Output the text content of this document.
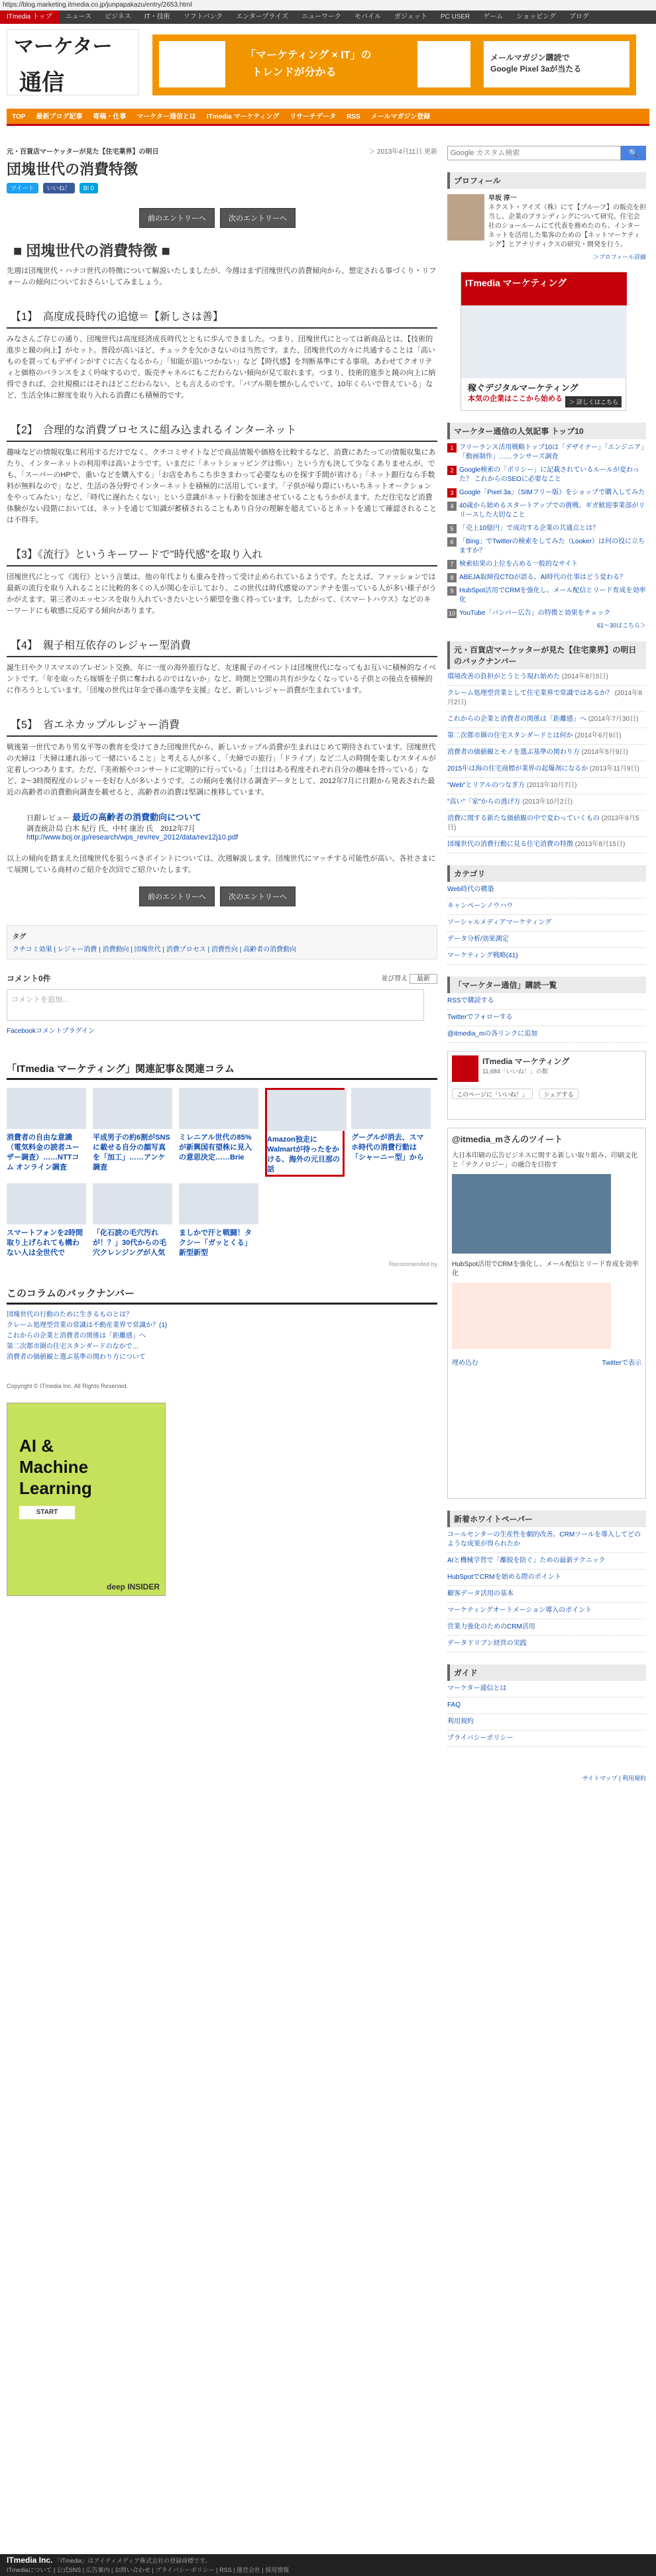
https://blog.marketing.itmedia.co.jp/junpapakazu/entry/2653.html
ITmedia トップ ニュース ビジネス IT・技術 ソフトバンク エンタープライズ ニューワーク モバイル ガジェット PC USER ゲーム ショッピング ブログ
マーケター
通信
「マーケティング × IT」の
トレンドが分かる
メールマガジン購読で
Google Pixel 3aが当たる
TOP 最新ブログ記事 寄稿・仕事 マーケター通信とは ITmedia マーケティング リサーチデータ RSS メールマガジン登録
元・百貨店マーケッターが見た【住宅業界】の明日	＞ 2013年4月11日 更新
団塊世代の消費特徴
ツイート いいね！ B! 0
前のエントリーへ	次のエントリーへ
■ 団塊世代の消費特徴 ■

先週は団塊世代・ハナコ世代の特徴について解説いたしましたが、今週はまず団塊世代の消費傾向から、想定される事づくり・リフォームの傾向についておさらいしてみましょう。

【1】　高度成長時代の追憶＝【新しさは善】

みなさんご存じの通り、団塊世代は高度経済成長時代とともに歩んできました。つまり、団塊世代にとっては新商品とは、【技術的進歩と鏡の向上】がセット。普段が高いほど、チェックを欠かさないのは当然です。また、団塊世代の方々に共通することは「高いものを買ってもデザインがすぐに古くなるから」「知能が追いつかない」など【時代感】を判断基準にする事項。あわせてクオリティと価格のバランスをよく吟味するので、販売チャネルにもこだわらない傾向が見て取れます。つまり、技術的進歩と鏡の向上に納得できれば、会社規模にはそれほどこだわらない、とも言えるのです。「バブル期を懐かしんでいて、10年くらいで替えている」など、生活全体に鮮度を取り入れる消費にも積極的です。

【2】　合理的な消費プロセスに組み込まれるインターネット

趣味などの情報収集に利用するだけでなく、クチコミサイトなどで商品情報や価格を比較するなど、消費にあたっての情報収集にあたり、インターネットの利用率は高いようです。いまだに「ネットショッピングは怖い」という方も決して少なくありませんが、でも、「スーパーのHPで、重いなどを購入する」「お店をあちこち歩きまわって必要なものを探す手間が省ける」「ネット銀行なら手数料が無料なので」など、生活の各分野でインターネットを積極的に活用しています。「子供が帰り際にいちいちネットオークションをやってみたい」など、「時代に遅れたくない」という意識がネット行動を加速させていることもうかがえます。ただ住宅など消費体験がない段階においては、ネットを通じて知識が蓄積されることもあり自分の理解を超えているとネットを通じて確認されることは不得手。

【3】《流行》というキーワードで"時代感"を取り入れ

団塊世代にとって《流行》という言葉は、他の年代よりも重みを持って受け止められているようです。たとえば、ファッションでは最新の流行を取り入れることに比較的多くの人が関心を示しており、この世代は時代感覚のアンテナを張っている人が多い様子がうかがえます。第三者のエッセンスを取り入れていきたいという願望を強く持っています。したがって、《スマートハウス》などのキーワードにも敏感に反応する傾向があります。

【4】　親子相互依存のレジャー型消費

誕生日やクリスマスのプレゼント交換、年に一度の海外旅行など、友達親子のイベントは団塊世代になってもお互いに積極的なイベントです。「年を取ったら嫁婿を子供に奪われるのではないか」など、時間と空間の共有が少なくなっている子供との接点を積極的に作ろうとしています。「団塊の世代は年金で孫の進学を支援」など、新しいレジャー消費が生まれています。

【5】　省エネカップルレジャー消費

戦後第一世代であり男女平等の教育を受けてきた団塊世代から、新しいカップル消費が生まれはじめて期待されています。団塊世代の夫婦は「夫婦は連れ添って一緒にいること」と考える人が多く、「夫婦での旅行」「ドライブ」など二人の時間を楽しむスタイルが定着しつつあります。ただ、『美術館やコンサートに定期的に行っている』「土日はある程度それぞれ自分の趣味を持っている」など、2〜3時間程度のレジャーを好む人が多いようです。この傾向を裏付ける調査データとして、2012年7月に日銀から発表された最近の高齢者の消費動向調査を載せると、高齢者の消費は堅調に推移しています。

日銀レビュー 最近の高齢者の消費動向について
調査統計局 白木 紀行 氏、中村 康治 氏　2012年7月
http://www.boj.or.jp/research/wps_rev/rev_2012/data/rev12j10.pdf

以上の傾向を踏まえた団塊世代を狙うべきポイントについては、次週解説します。団塊世代にマッチする可能性が高い、各社さまにて展開している商材のご紹介を次回でご紹介いたします。

前のエントリーへ	次のエントリーへ
タグ
クチコミ効果 | レジャー消費 | 消費動向 | 団塊世代 | 消費プロセス | 消費性向 | 高齢者の消費動向
コメント0件	並び替え 最新
コメントを追加...
Facebookコメントプラグイン
「ITmedia マーケティング」関連記事＆関連コラム
消費者の自由な意識（電気料金の読者ユーザー調査）……NTTコム オンライン調査
平成男子の約6割がSNSに載せる自分の顔写真を「加工」……アンケ調査
ミレニアル世代の85%が新興国有望株に見入の意思決定……Brie
Amazon独走にWalmartが待ったをかける、海外の元旦那の話
グーグルが消去、スマホ時代の消費行動は「シャーニー型」から
スマートフォンを2時間取り上げられても構わない人は全世代で
「化石読の毛穴汚れが！？」30代からの毛穴クレンジングが人気
ましかで汗と戦闘！タクシー「ガッとくる」新型新型
Recommended by
このコラムのバックナンバー
団塊世代の行動のために生きるものとは？
クレーム処理型営業の常識は不動産業界で常識か？(1)
これからの企業と消費者の関係は「距離感」へ
第二次都市圏の住宅スタンダードのなかで…
消費者の価値観と選ぶ基準の関わり方について
Copyright © ITmedia Inc. All Rights Reserved.
AI &
Machine
Learning
START
deep INSIDER
Google カスタム検索
🔍
プロフィール
早坂 淳一
ネクスト・アイズ（株）にて【プルーフ】の販売を担当し、企業のブランディングについて研究。住宅会社のショールームにて代表を務めたのち、インターネットを活用した集客のための【ネットマーケティング】とアナリティクスの研究・開発を行う。
＞プロフィール詳細
ITmedia マーケティング
稼ぐデジタルマーケティング
本気の企業はここから始める	＞ 詳しくはこちら
マーケター通信の人気記事 トップ10
1 フリーランス活用戦略トップ10は「デザイナー」「エンジニア」「動画制作」……ランサーズ調査
2 Google検索の「ポリシー」に記載されているルールが変わった？ これからのSEOに必要なこと
3 Google「Pixel 3a」（SIMフリー版）をショップで購入してみた
4 40歳から始めるスタートアップでの挑戦、ギガ歓迎事業部がリリースした大切なこと
5 「売上10億円」で成功する企業の共通点とは？
6 「Bing」でTwitterの検索をしてみた（Looker）は何の役に立ちますか？
7 検索結果の上位を占める一般的なサイト
8 ABEJA取締役CTOが語る、AI時代の仕事はどう変わる？
9 HubSpot活用でCRMを強化し、メール配信とリード育成を効率化
10 YouTube「バンパー広告」の特徴と効果をチェック
61〜30はこちら＞
元・百貨店マーケッターが見た【住宅業界】の明日のバックナンバー
環境改善の負担がとうとう現れ始めた (2014年8月5日)
クレーム処理型営業として住宅業界で常識ではあるか？ (2014年8月2日)
これからの企業と消費者の関係は「距離感」へ (2014年7月30日)
第二次都市圏の住宅スタンダードとは何か (2014年6月9日)
消費者の価値観とモノを選ぶ基準の関わり方 (2014年5月9日)
2015年は海の住宅商標が業界の起爆剤になるか (2013年11月9日)
"Web"とリアルのつなぎ方 (2013年10月7日)
"高い"「家"からの逃げ方 (2013年10月2日)
消費に関する新たな価値観の中で変わっていくもの (2013年9月5日)
団塊世代の消費行動に見る住宅消費の特徴 (2013年8月15日)
カテゴリ
Web時代の構築
キャンペーンノウハウ
ソーシャルメディアマーケティング
データ分析/効果測定
マーケティング戦略(41)
「マーケター通信」購読一覧
RSSで購読する
Twitterでフォローする
@itmedia_mの各リンクに追加
ITmedia マーケティング
11,684「いいね！」の数
このページに「いいね！」	シェアする
@itmedia_mさんのツイート
大日本印刷の広告ビジネスに関する新しい取り組み、印刷文化と「テクノロジー」の融合を目指す
HubSpot活用でCRMを強化し、メール配信とリード育成を効率化
埋め込む	Twitterで表示
新着ホワイトペーパー
コールセンターの生産性を劇的改善。CRMツールを導入してどのような成果が得られたか
AIと機械学習で「離脱を防ぐ」ための最新テクニック
HubSpotでCRMを始める際のポイント
顧客データ活用の基本
マーケティングオートメーション導入のポイント
営業力強化のためのCRM活用
データドリブン経営の実践
ガイド
マーケター通信とは
FAQ
利用規約
プライバシーポリシー
サイトマップ | 利用規約
ITmedia Inc. 「ITmedia」はアイティメディア株式会社の登録商標です。
ITmediaについて | 公式SNS | 広告案内 | お問い合わせ | プライバシーポリシー | RSS | 運営会社 | 採用情報
